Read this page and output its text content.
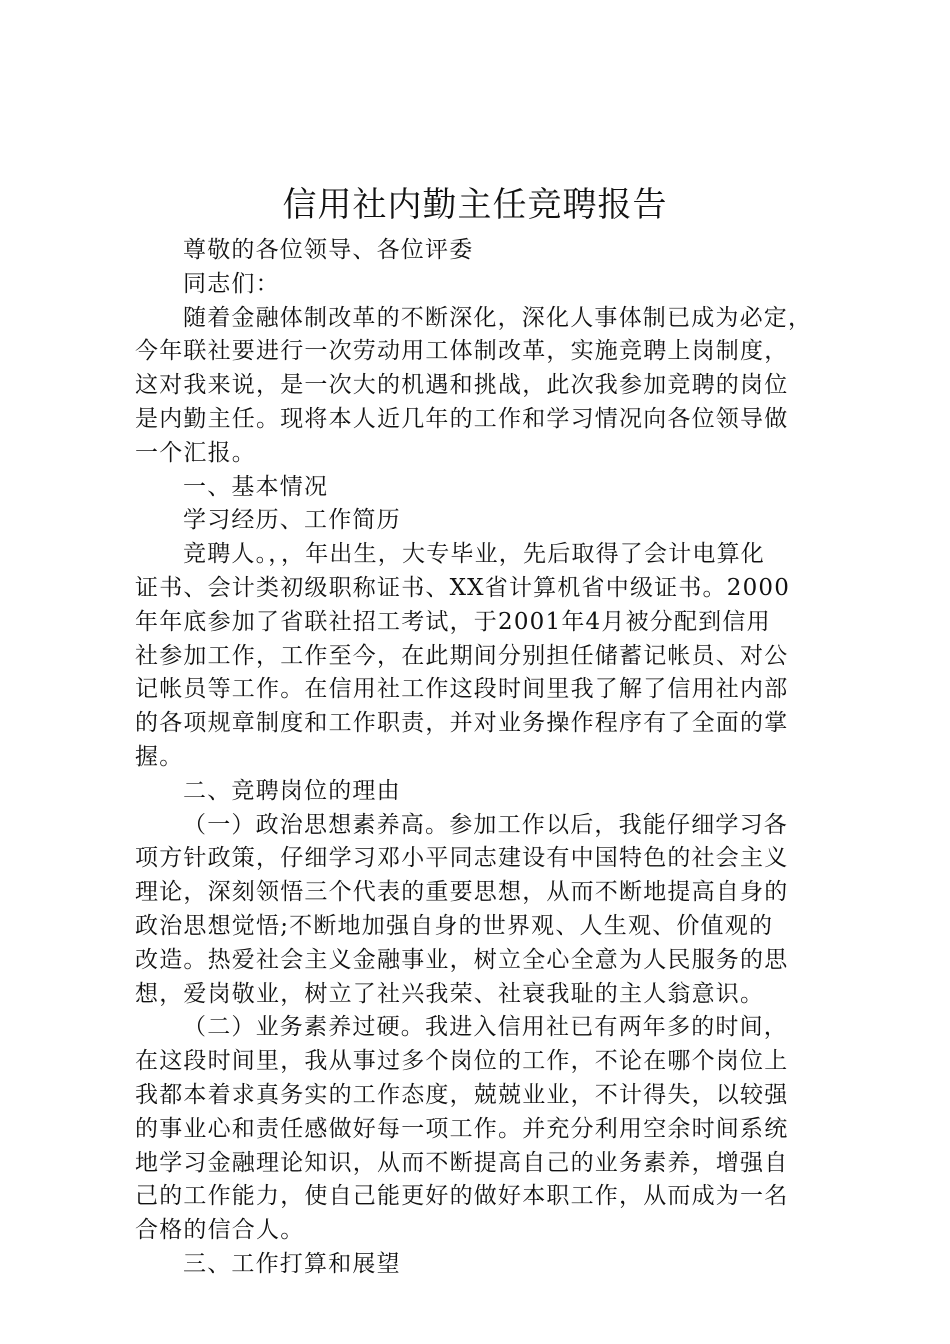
信用社内勤主任竞聘报告
尊敬的各位领导、各位评委
同志们：
随着金融体制改革的不断深化，深化人事体制已成为必定，
今年联社要进行一次劳动用工体制改革，实施竞聘上岗制度，
这对我来说，是一次大的机遇和挑战，此次我参加竞聘的岗位
是内勤主任。现将本人近几年的工作和学习情况向各位领导做
一个汇报。
一、基本情况
学习经历、工作简历
竞聘人。，，年出生，大专毕业，先后取得了会计电算化
证书、会计类初级职称证书、XX省计算机省中级证书。2000
年年底参加了省联社招工考试，于2001年4月被分配到信用
社参加工作，工作至今，在此期间分别担任储蓄记帐员、对公
记帐员等工作。在信用社工作这段时间里我了解了信用社内部
的各项规章制度和工作职责，并对业务操作程序有了全面的掌
握。
二、竞聘岗位的理由
（一）政治思想素养高。参加工作以后，我能仔细学习各
项方针政策，仔细学习邓小平同志建设有中国特色的社会主义
理论，深刻领悟三个代表的重要思想，从而不断地提高自身的
政治思想觉悟;不断地加强自身的世界观、人生观、价值观的
改造。热爱社会主义金融事业，树立全心全意为人民服务的思
想，爱岗敬业，树立了社兴我荣、社衰我耻的主人翁意识。
（二）业务素养过硬。我进入信用社已有两年多的时间，
在这段时间里，我从事过多个岗位的工作，不论在哪个岗位上
我都本着求真务实的工作态度，兢兢业业，不计得失，以较强
的事业心和责任感做好每一项工作。并充分利用空余时间系统
地学习金融理论知识，从而不断提高自己的业务素养，增强自
己的工作能力，使自己能更好的做好本职工作，从而成为一名
合格的信合人。
三、工作打算和展望
